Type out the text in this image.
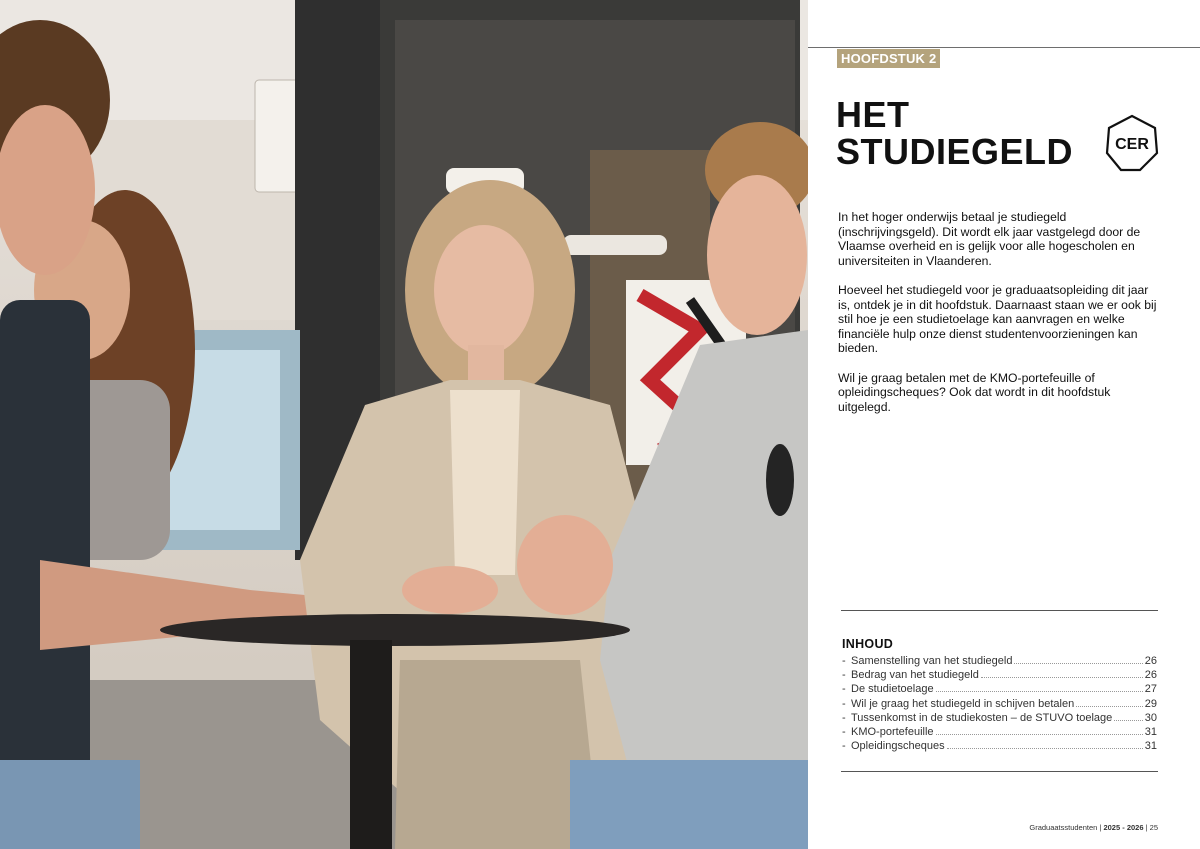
HOOFDSTUK 2
HET
STUDIEGELD	CER

In het hoger onderwijs betaal je studiegeld (inschrijvingsgeld). Dit wordt elk jaar vastgelegd door de Vlaamse overheid en is gelijk voor alle hogescholen en universiteiten in Vlaanderen.

Hoeveel het studiegeld voor je graduaatsopleiding dit jaar is, ontdek je in dit hoofdstuk. Daarnaast staan we er ook bij stil hoe je een studietoelage kan aanvragen en welke financiële hulp onze dienst studentenvoorzieningen kan bieden.

Wil je graag betalen met de KMO-portefeuille of opleidingscheques? Ook dat wordt in dit hoofdstuk uitgelegd.

INHOUD
- Samenstelling van het studiegeld	26
- Bedrag van het studiegeld	26
- De studietoelage	27
- Wil je graag het studiegeld in schijven betalen	29
- Tussenkomst in de studiekosten – de STUVO toelage	30
- KMO-portefeuille	31
- Opleidingscheques	31
Graduaatsstudenten | 2025 - 2026 | 25
